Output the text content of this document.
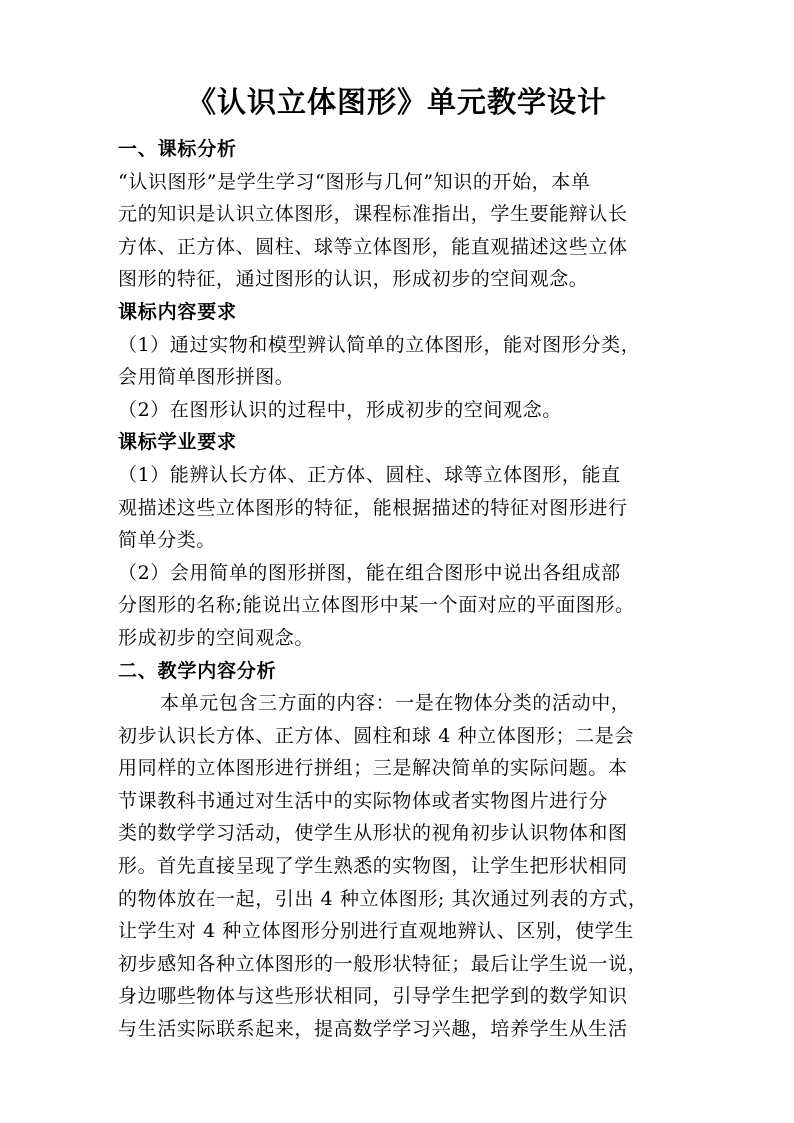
《认识立体图形》单元教学设计
一、课标分析
“认识图形”是学生学习“图形与几何”知识的开始，本单
元的知识是认识立体图形，课程标准指出，学生要能辩认长
方体、正方体、圆柱、球等立体图形，能直观描述这些立体
图形的特征，通过图形的认识，形成初步的空间观念。
课标内容要求
（1）通过实物和模型辨认简单的立体图形，能对图形分类，
会用简单图形拼图。
（2）在图形认识的过程中，形成初步的空间观念。
课标学业要求
（1）能辨认长方体、正方体、圆柱、球等立体图形，能直
观描述这些立体图形的特征，能根据描述的特征对图形进行
简单分类。
（2）会用简单的图形拼图，能在组合图形中说出各组成部
分图形的名称;能说出立体图形中某一个面对应的平面图形。
形成初步的空间观念。
二、教学内容分析
本单元包含三方面的内容：一是在物体分类的活动中，
初步认识长方体、正方体、圆柱和球 4 种立体图形；二是会
用同样的立体图形进行拼组；三是解决简单的实际问题。本
节课教科书通过对生活中的实际物体或者实物图片进行分
类的数学学习活动，使学生从形状的视角初步认识物体和图
形。首先直接呈现了学生熟悉的实物图，让学生把形状相同
的物体放在一起，引出 4 种立体图形; 其次通过列表的方式，
让学生对 4 种立体图形分别进行直观地辨认、区别，使学生
初步感知各种立体图形的一般形状特征；最后让学生说一说，
身边哪些物体与这些形状相同，引导学生把学到的数学知识
与生活实际联系起来，提高数学学习兴趣，培养学生从生活
